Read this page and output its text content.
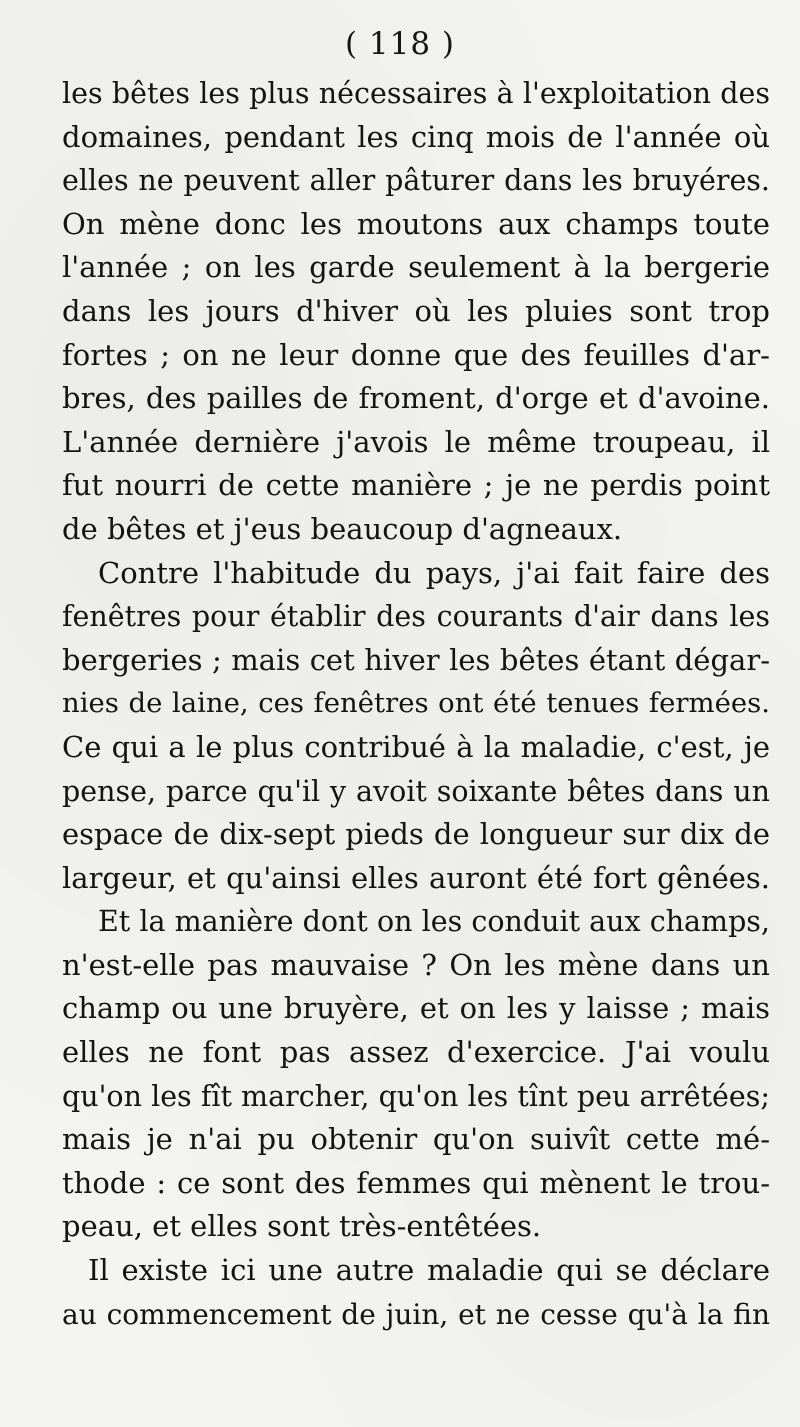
( 118 )
les bêtes les plus nécessaires à l'exploitation des
domaines, pendant les cinq mois de l'année où
elles ne peuvent aller pâturer dans les bruyéres.
On mène donc les moutons aux champs toute
l'année ; on les garde seulement à la bergerie
dans les jours d'hiver où les pluies sont trop
fortes ; on ne leur donne que des feuilles d'ar-
bres, des pailles de froment, d'orge et d'avoine.
L'année dernière j'avois le même troupeau, il
fut nourri de cette manière ; je ne perdis point
de bêtes et j'eus beaucoup d'agneaux.
Contre l'habitude du pays, j'ai fait faire des
fenêtres pour établir des courants d'air dans les
bergeries ; mais cet hiver les bêtes étant dégar-
nies de laine, ces fenêtres ont été tenues fermées.
Ce qui a le plus contribué à la maladie, c'est, je
pense, parce qu'il y avoit soixante bêtes dans un
espace de dix-sept pieds de longueur sur dix de
largeur, et qu'ainsi elles auront été fort gênées.
Et la manière dont on les conduit aux champs,
n'est-elle pas mauvaise ? On les mène dans un
champ ou une bruyère, et on les y laisse ; mais
elles ne font pas assez d'exercice. J'ai voulu
qu'on les fît marcher, qu'on les tînt peu arrêtées;
mais je n'ai pu obtenir qu'on suivît cette mé-
thode : ce sont des femmes qui mènent le trou-
peau, et elles sont très-entêtées.
Il existe ici une autre maladie qui se déclare
au commencement de juin, et ne cesse qu'à la fin
